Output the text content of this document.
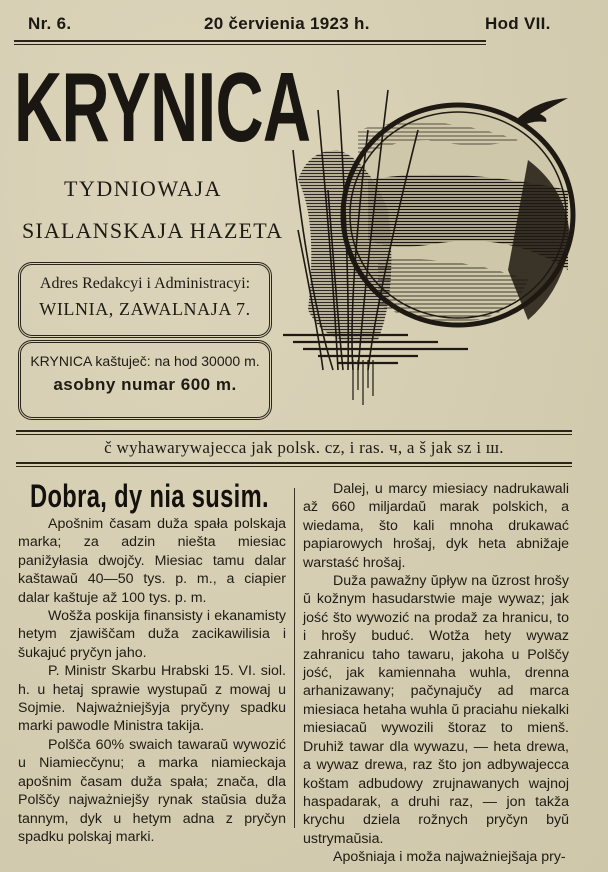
Nr. 6.	20 červienia 1923 h.	Hod VII.
KRYNICA
TYDNIOWAJA
SIALANSKAJA HAZETA
Adres Redakcyi i Administracyi:
WILNIA, ZAWALNAJA 7.
KRYNICA kaštuječ: na hod 30000 m.
asobny numar 600 m.
č wyhawarywajecca jak polsk. cz, i ras. ч, a š jak sz i ш.
Dobra, dy nia susim.

Apošnim časam duža spała polskaja marka; za adzin niešta miesiac panižyłasia dwojčy. Miesiac tamu dalar kaštawaŭ 40—50 tys. p. m., a ciapier dalar kaštuje až 100 tys. p. m.

Wošža poskija finansisty i ekanamisty hetym zjawiščam duža zacikawilisia i šukajuć pryčyn jaho.

P. Ministr Skarbu Hrabski 15. VI. siol. h. u hetaj sprawie wystupaŭ z mowaj u Sojmie. Najważniejšyja pryčyny spadku marki pawodle Ministra takija.

Polšča 60% swaich tawaraŭ wywozić u Niamiecčynu; a marka niamieckaja apošnim časam duža spała; znača, dla Polščy najważniejšy rynak staŭsia duža tannym, dyk u hetym adna z pryčyn spadku polskaj marki.

Dalej, u marcy miesiacy nadrukawali až 660 miljardaŭ marak polskich, a wiedama, što kali mnoha drukawać papiarowych hrošaj, dyk heta abnižaje warstaść hrošaj.

Duža pawažny ŭpływ na ŭzrost hrošy ŭ kožnym hasudarstwie maje wywaz; jak jość što wywozić na prodaž za hranicu, to i hrošy buduć. Wotža hety wywaz zahranicu taho tawaru, jakoha u Polščy jość, jak kamiennaha wuhla, drenna arhanizawany; pačynajučy ad marca miesiaca hetaha wuhla ŭ praciahu niekalki miesiacaŭ wywozili štoraz to mienš. Druhiž tawar dla wywazu, — heta drewa, a wywaz drewa, raz što jon adbywajecca koštam adbudowy zrujnawanych wajnoj haspadarak, a druhi raz, — jon takža krychu dziela rožnych pryčyn byŭ ustrymaŭsia.

Apošniaja i moža najważniejšaja pry-
